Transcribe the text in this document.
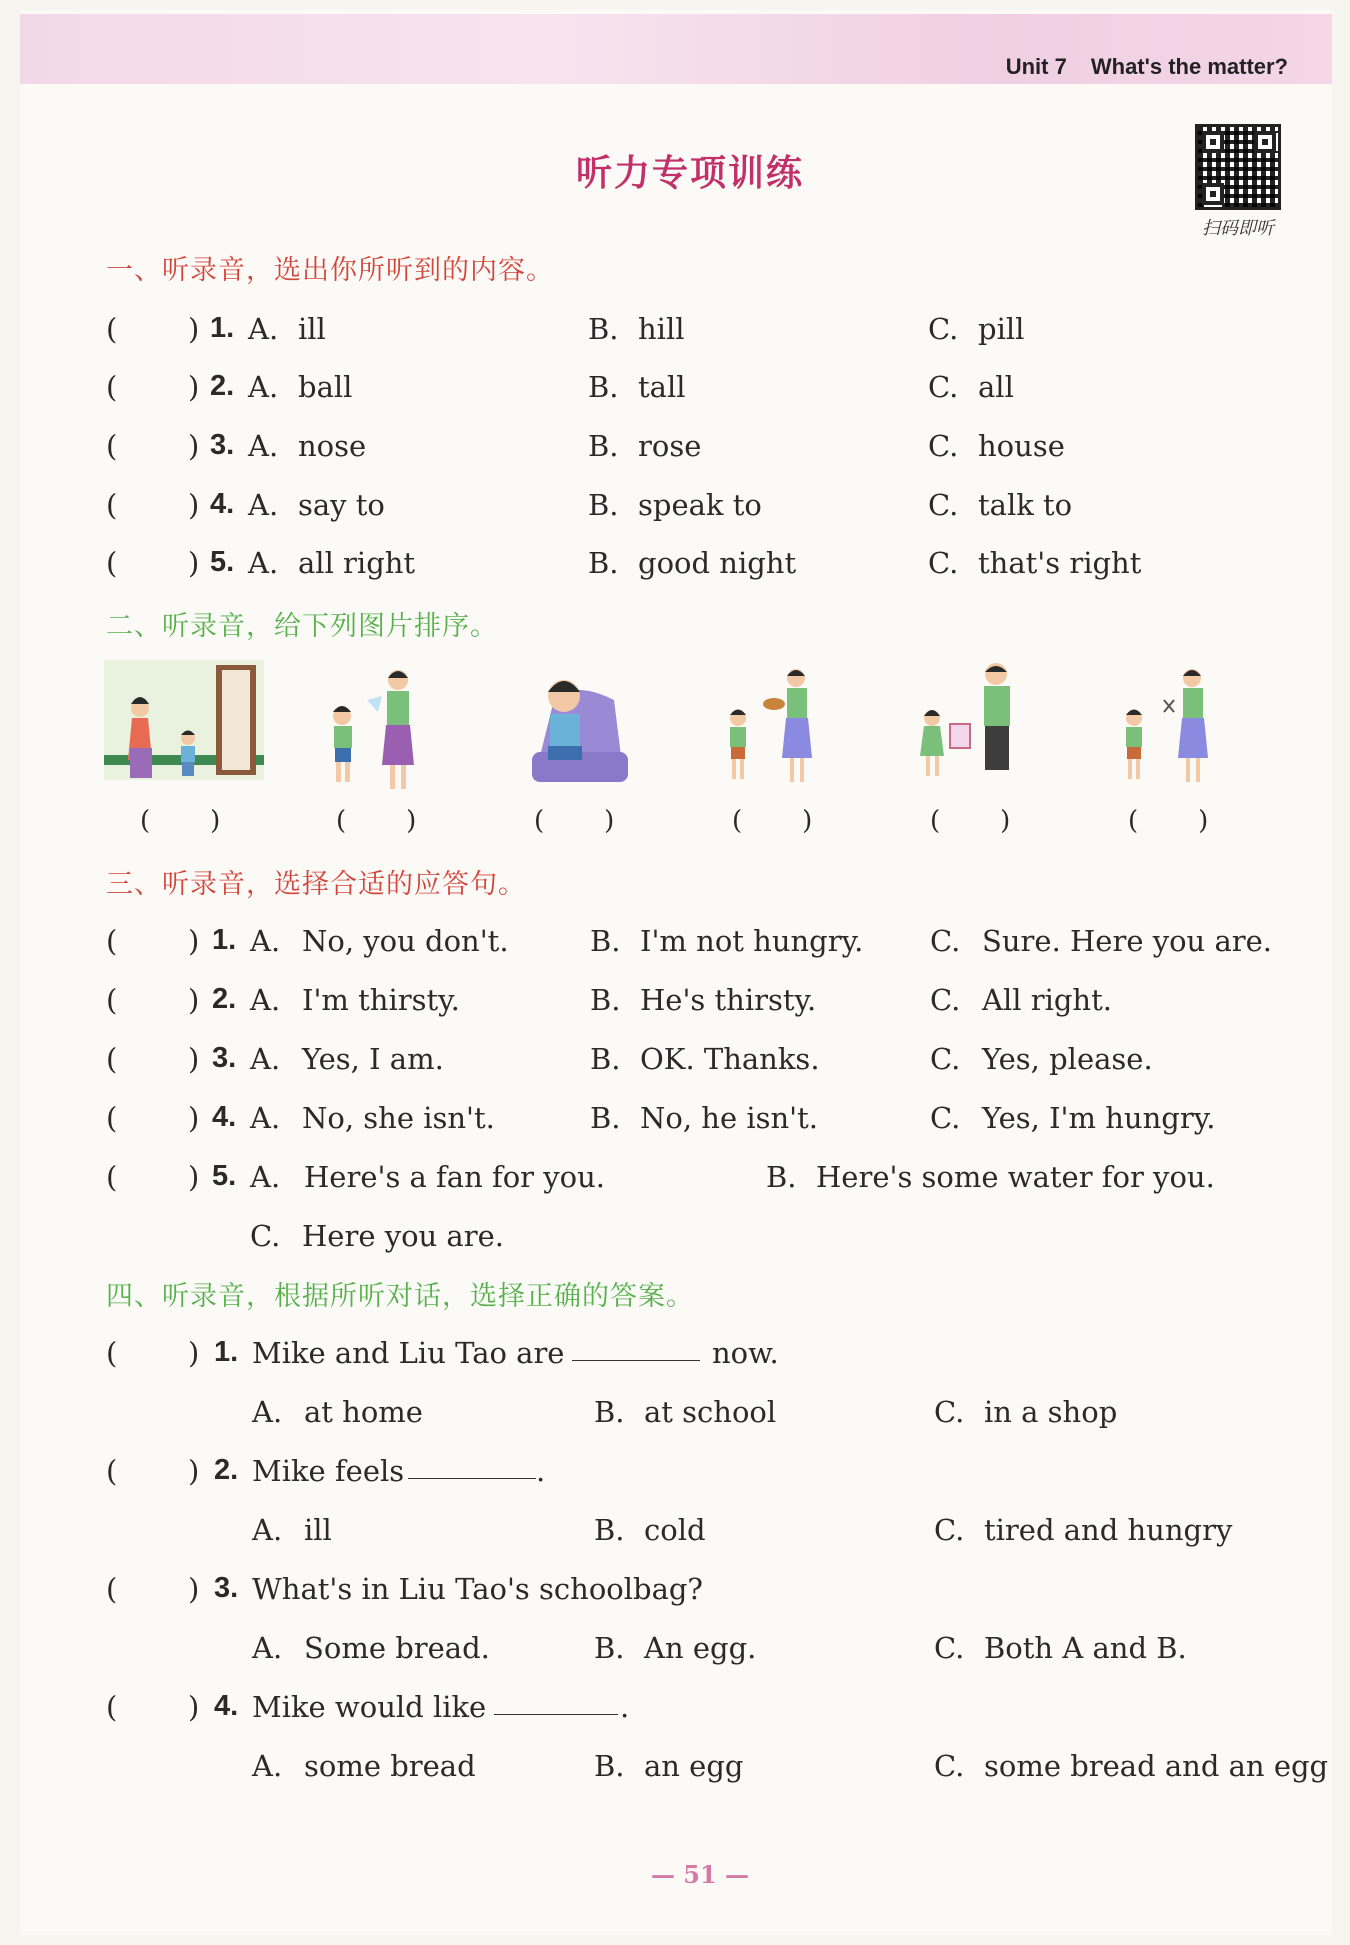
Unit 7 What's the matter?
听力专项训练
扫码即听
一、听录音，选出你所听到的内容。
( ) 1. A. ill	B. hill	C. pill
( ) 2. A. ball	B. tall	C. all
( ) 3. A. nose	B. rose	C. house
( ) 4. A. say to	B. speak to	C. talk to
( ) 5. A. all right	B. good night	C. that's right
二、听录音，给下列图片排序。
( )	( )	( )	( )	( )	( )
三、听录音，选择合适的应答句。
( ) 1. A. No, you don't.	B. I'm not hungry. C. Sure. Here you are.
( ) 2. A. I'm thirsty.	B. He's thirsty.	C. All right.
( ) 3. A. Yes, I am.	B. OK. Thanks.	C. Yes, please.
( ) 4. A. No, she isn't.	B. No, he isn't.	C. Yes, I'm hungry.
( ) 5. A. Here's a fan for you.	B. Here's some water for you.
C. Here you are.
四、听录音，根据所听对话，选择正确的答案。
( ) 1. Mike and Liu Tao are	now.
A. at home	B. at school	C. in a shop
( ) 2. Mike feels	.
A. ill	B. cold	C. tired and hungry
( ) 3. What's in Liu Tao's schoolbag?
A. Some bread.	B. An egg.	C. Both A and B.
( ) 4. Mike would like	.
A. some bread	B. an egg	C. some bread and an egg
— 51 —
